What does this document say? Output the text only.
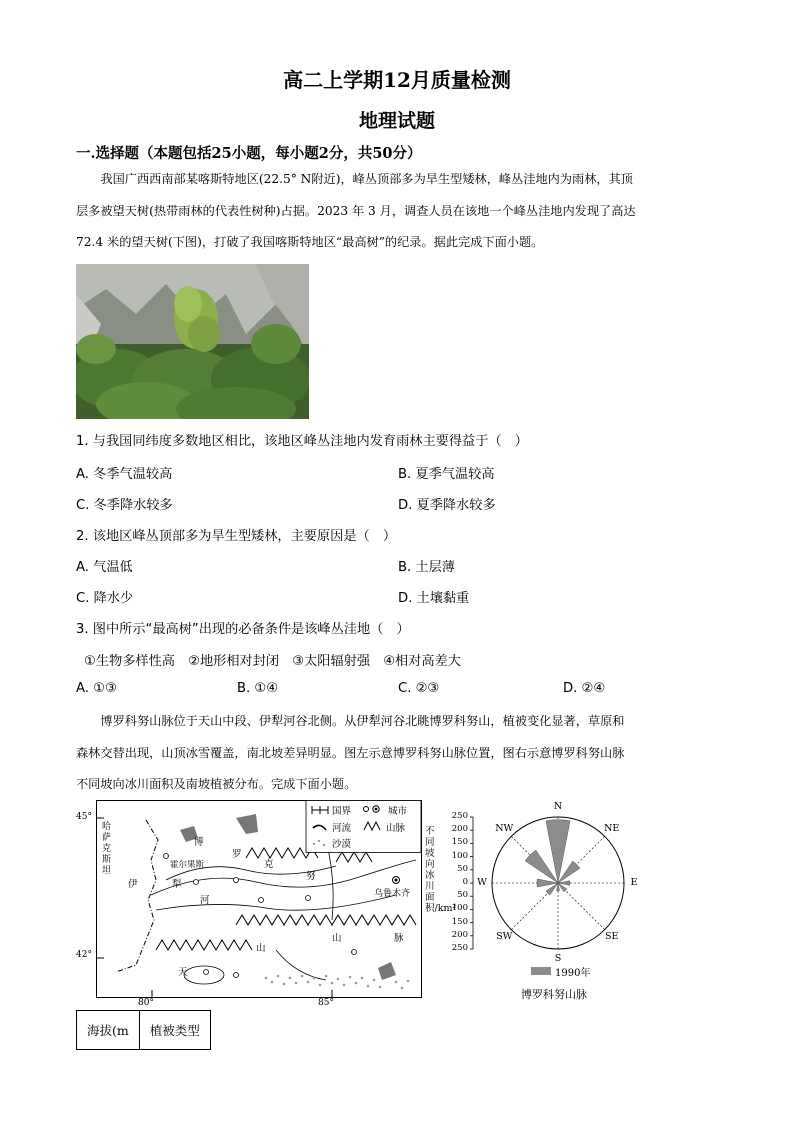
高二上学期12月质量检测
地理试题
一.选择题（本题包括25小题，每小题2分，共50分）
我国广西西南部某喀斯特地区(22.5° N附近)，峰丛顶部多为旱生型矮林，峰丛洼地内为雨林，其顶
层多被望天树(热带雨林的代表性树种)占据。2023 年 3 月，调查人员在该地一个峰丛洼地内发现了高达
72.4 米的望天树(下图)，打破了我国喀斯特地区“最高树”的纪录。据此完成下面小题。
1. 与我国同纬度多数地区相比，该地区峰丛洼地内发育雨林主要得益于（　）
A. 冬季气温较高	B. 夏季气温较高
C. 冬季降水较多	D. 夏季降水较多
2. 该地区峰丛顶部多为旱生型矮林，主要原因是（　）
A. 气温低	B. 土层薄
C. 降水少	D. 土壤黏重
3. 图中所示“最高树”出现的必备条件是该峰丛洼地（　）
①生物多样性高　②地形相对封闭　③太阳辐射强　④相对高差大
A. ①③	B. ①④	C. ②③	D. ②④
博罗科努山脉位于天山中段、伊犁河谷北侧。从伊犁河谷北眺博罗科努山，植被变化显著，草原和
森林交替出现，山顶冰雪覆盖，南北坡差异明显。图左示意博罗科努山脉位置，图右示意博罗科努山脉
不同坡向冰川面积及南坡植被分布。完成下面小题。
45°
42°
80°	85°
国界	城市
河流	山脉
沙漠
哈萨克斯坦
博
罗
克
努
霍尔果斯
伊	犁
河
天
山
山	脉
乌鲁木齐
不同坡向冰川面积/km²
250
200
150
100
50
0
50
100
150
200
250
N
NE
E
SE
S
SW
W
NW
1990年
博罗科努山脉
海拔(m	植被类型
